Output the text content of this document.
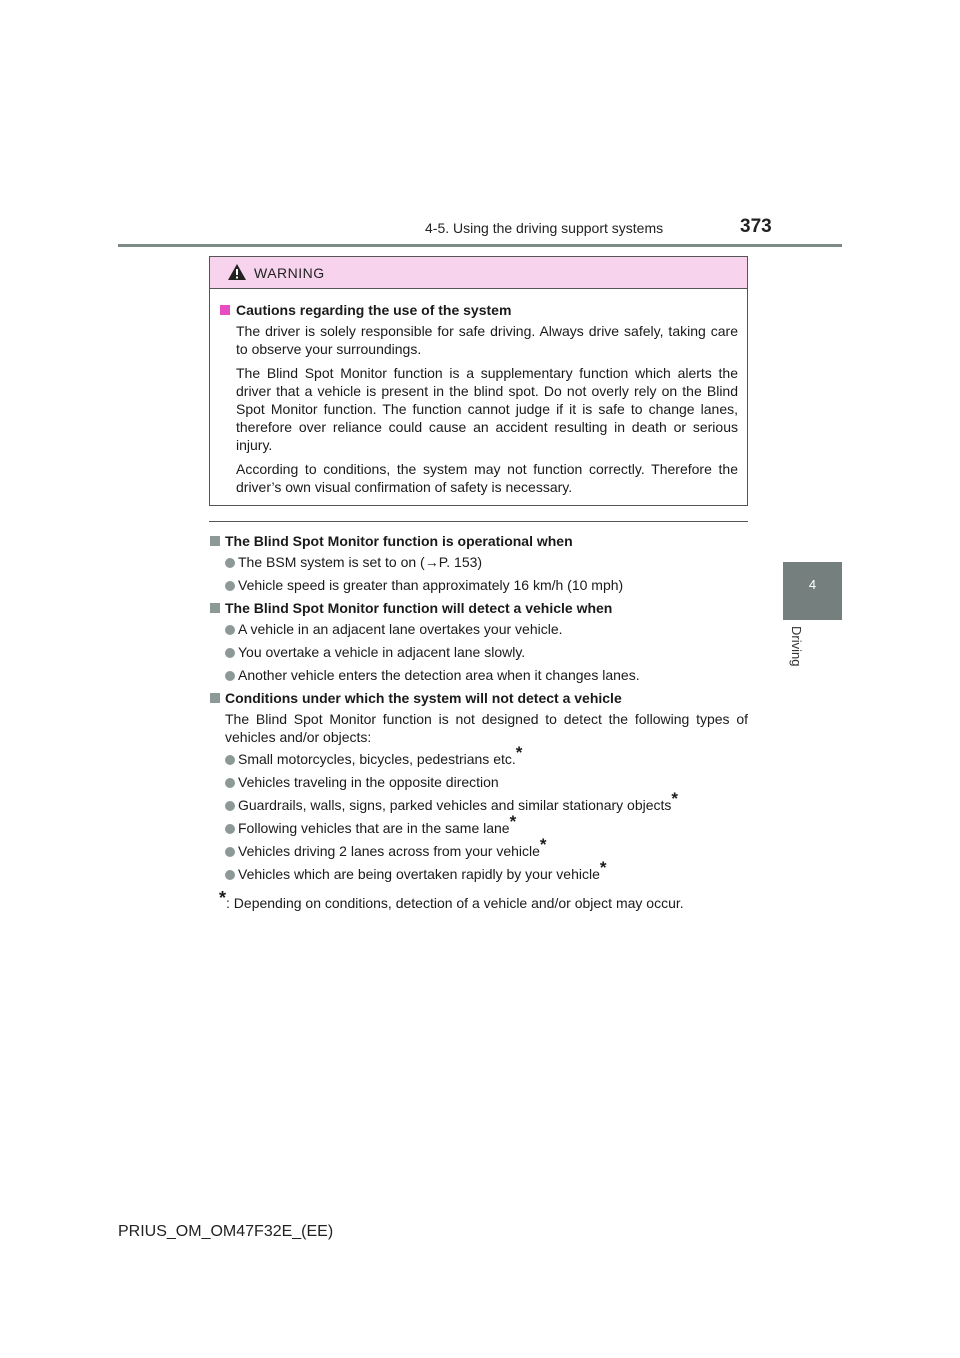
4-5. Using the driving support systems	373
4
Driving
WARNING
Cautions regarding the use of the system
The driver is solely responsible for safe driving. Always drive safely, taking care to observe your surroundings.
The Blind Spot Monitor function is a supplementary function which alerts the driver that a vehicle is present in the blind spot. Do not overly rely on the Blind Spot Monitor function. The function cannot judge if it is safe to change lanes, therefore over reliance could cause an accident resulting in death or serious injury.
According to conditions, the system may not function correctly. Therefore the driver’s own visual confirmation of safety is necessary.
The Blind Spot Monitor function is operational when
The BSM system is set to on (→P. 153)
Vehicle speed is greater than approximately 16 km/h (10 mph)
The Blind Spot Monitor function will detect a vehicle when
A vehicle in an adjacent lane overtakes your vehicle.
You overtake a vehicle in adjacent lane slowly.
Another vehicle enters the detection area when it changes lanes.
Conditions under which the system will not detect a vehicle
The Blind Spot Monitor function is not designed to detect the following types of vehicles and/or objects:
Small motorcycles, bicycles, pedestrians etc.*
Vehicles traveling in the opposite direction
Guardrails, walls, signs, parked vehicles and similar stationary objects*
Following vehicles that are in the same lane*
Vehicles driving 2 lanes across from your vehicle*
Vehicles which are being overtaken rapidly by your vehicle*
*: Depending on conditions, detection of a vehicle and/or object may occur.
PRIUS_OM_OM47F32E_(EE)
